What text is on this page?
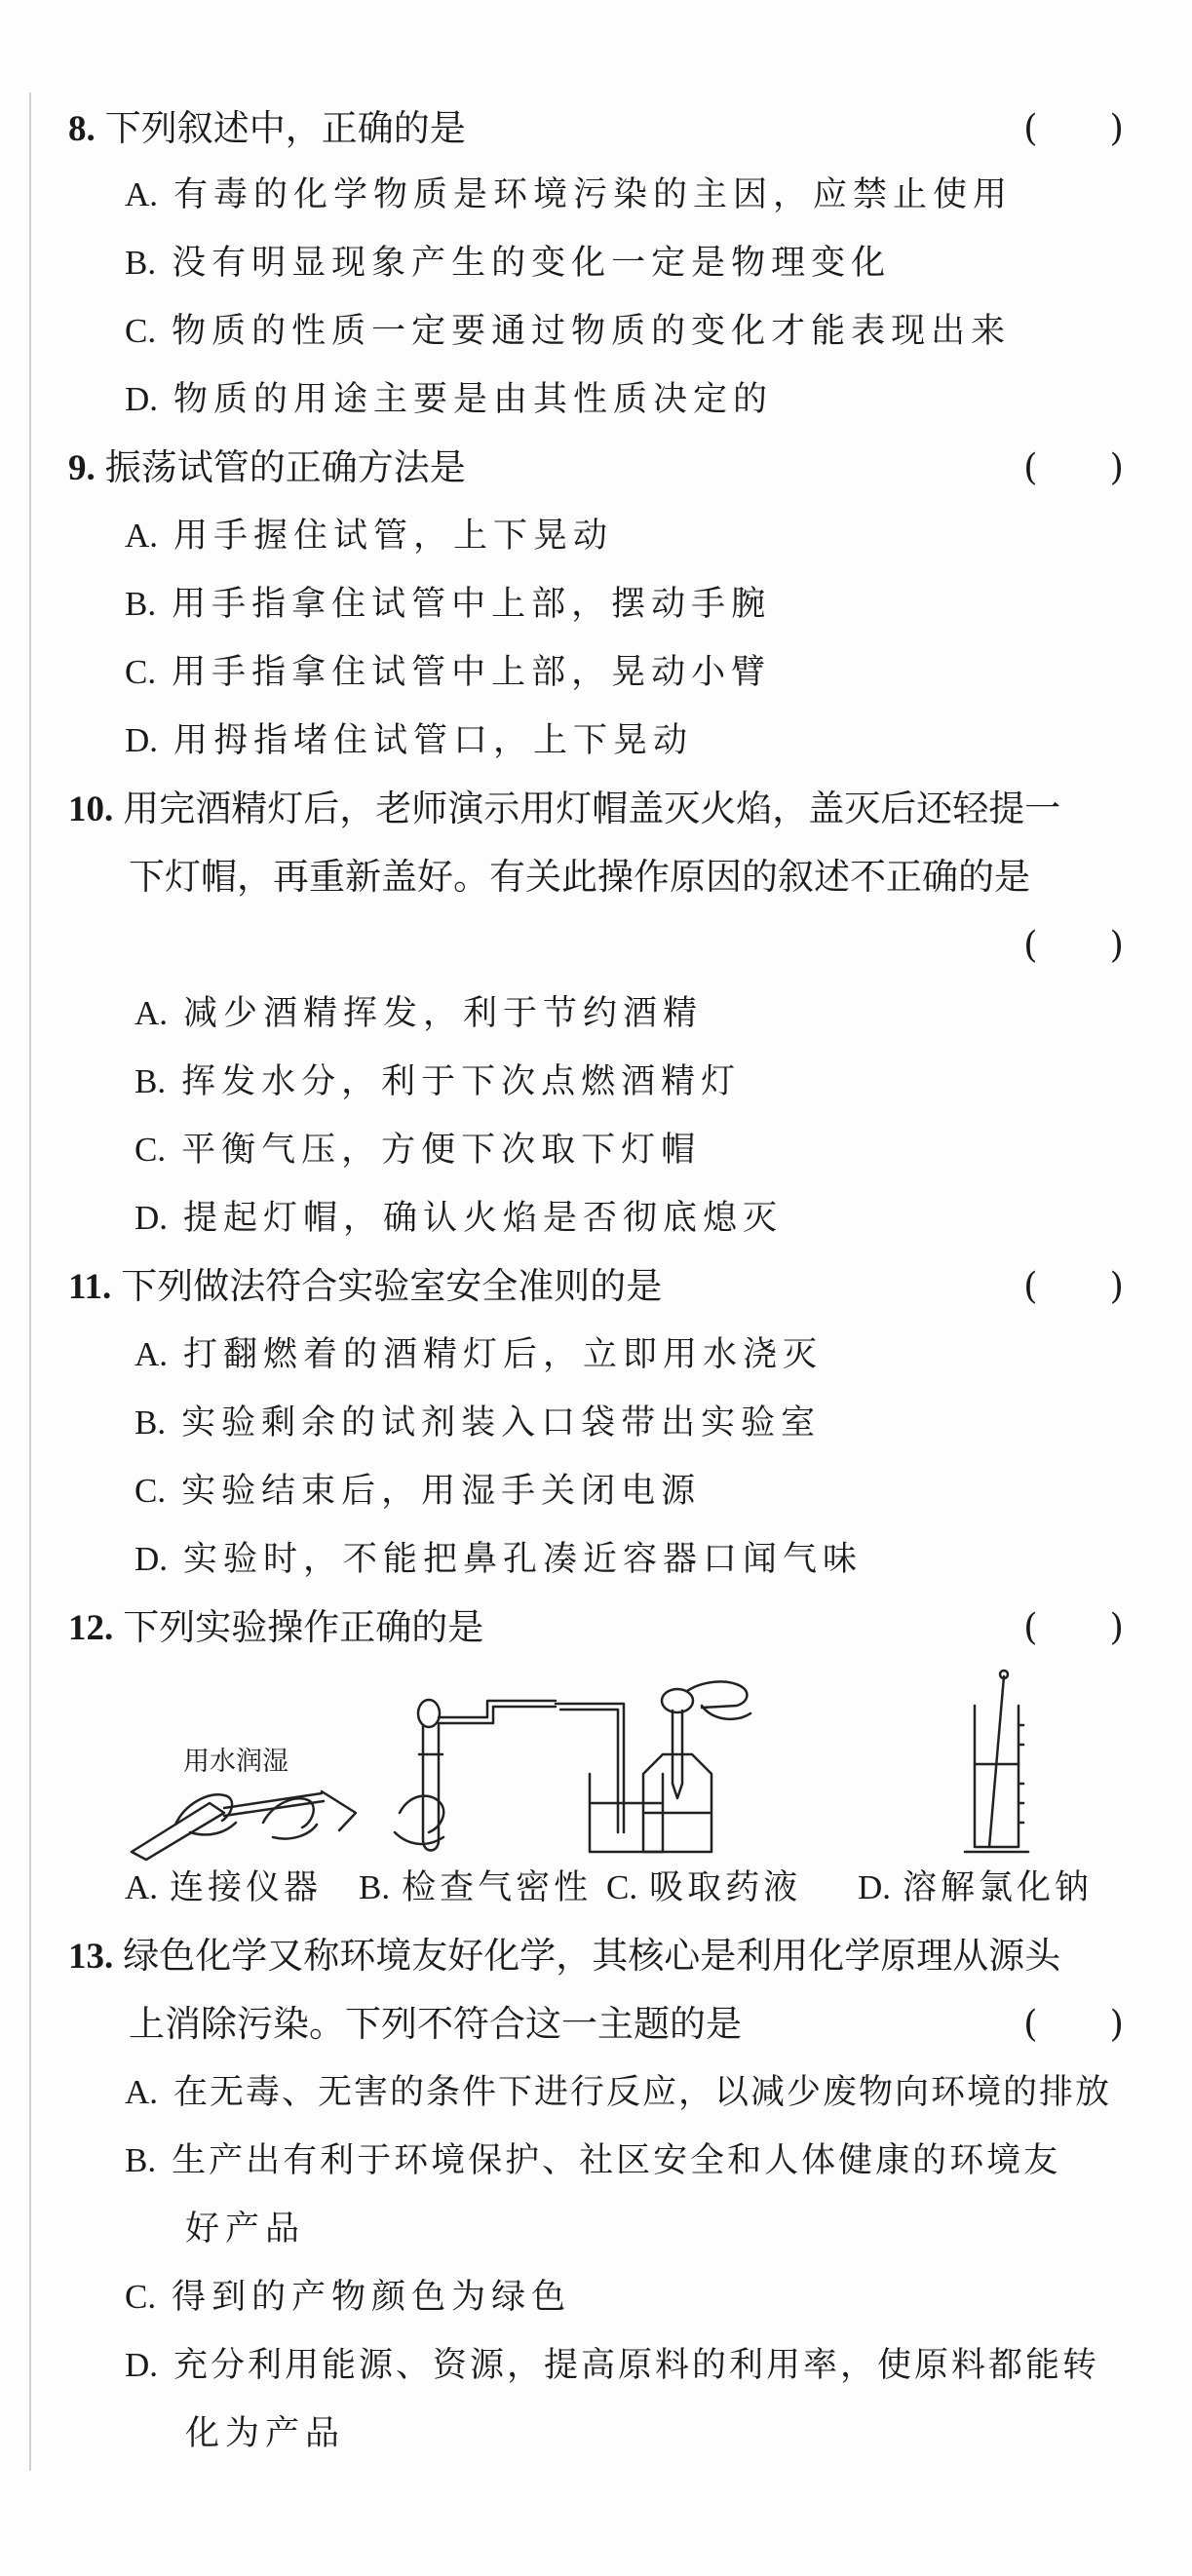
8. 下列叙述中，正确的是	(　　)
A. 有毒的化学物质是环境污染的主因，应禁止使用
B. 没有明显现象产生的变化一定是物理变化
C. 物质的性质一定要通过物质的变化才能表现出来
D. 物质的用途主要是由其性质决定的
9. 振荡试管的正确方法是	(　　)
A. 用手握住试管，上下晃动
B. 用手指拿住试管中上部，摆动手腕
C. 用手指拿住试管中上部，晃动小臂
D. 用拇指堵住试管口，上下晃动
10. 用完酒精灯后，老师演示用灯帽盖灭火焰，盖灭后还轻提一
下灯帽，再重新盖好。有关此操作原因的叙述不正确的是
(　　)
A. 减少酒精挥发，利于节约酒精
B. 挥发水分，利于下次点燃酒精灯
C. 平衡气压，方便下次取下灯帽
D. 提起灯帽，确认火焰是否彻底熄灭
11. 下列做法符合实验室安全准则的是	(　　)
A. 打翻燃着的酒精灯后，立即用水浇灭
B. 实验剩余的试剂装入口袋带出实验室
C. 实验结束后，用湿手关闭电源
D. 实验时，不能把鼻孔凑近容器口闻气味
12. 下列实验操作正确的是	(　　)
用水润湿
A. 连接仪器 B. 检查气密性 C. 吸取药液 D. 溶解氯化钠
13. 绿色化学又称环境友好化学，其核心是利用化学原理从源头
上消除污染。下列不符合这一主题的是	(　　)
A. 在无毒、无害的条件下进行反应，以减少废物向环境的排放
B. 生产出有利于环境保护、社区安全和人体健康的环境友
好产品
C. 得到的产物颜色为绿色
D. 充分利用能源、资源，提高原料的利用率，使原料都能转
化为产品
